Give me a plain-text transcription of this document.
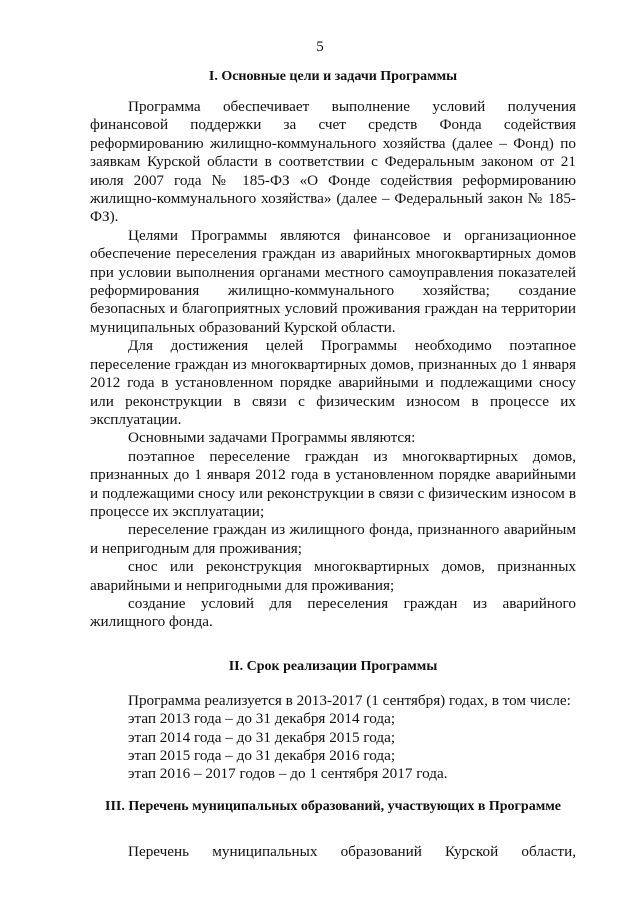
5
I. Основные цели и задачи Программы

Программа обеспечивает выполнение условий получения финансовой поддержки за счет средств Фонда содействия реформированию жилищно-коммунального хозяйства (далее – Фонд) по заявкам Курской области в соответствии с Федеральным законом от 21 июля 2007 года № 185-ФЗ «О Фонде содействия реформированию жилищно-коммунального хозяйства» (далее – Федеральный закон № 185-ФЗ).

Целями Программы являются финансовое и организационное обеспечение переселения граждан из аварийных многоквартирных домов при условии выполнения органами местного самоуправления показателей реформирования жилищно-коммунального хозяйства; создание безопасных и благоприятных условий проживания граждан на территории муниципальных образований Курской области.

Для достижения целей Программы необходимо поэтапное переселение граждан из многоквартирных домов, признанных до 1 января 2012 года в установленном порядке аварийными и подлежащими сносу или реконструкции в связи с физическим износом в процессе их эксплуатации.

Основными задачами Программы являются:

поэтапное переселение граждан из многоквартирных домов, признанных до 1 января 2012 года в установленном порядке аварийными и подлежащими сносу или реконструкции в связи с физическим износом в процессе их эксплуатации;

переселение граждан из жилищного фонда, признанного аварийным и непригодным для проживания;

снос или реконструкция многоквартирных домов, признанных аварийными и непригодными для проживания;

создание условий для переселения граждан из аварийного жилищного фонда.

II. Срок реализации Программы
Программа реализуется в 2013-2017 (1 сентября) годах, в том числе:
этап 2013 года – до 31 декабря 2014 года;
этап 2014 года – до 31 декабря 2015 года;
этап 2015 года – до 31 декабря 2016 года;
этап 2016 – 2017 годов – до 1 сентября 2017 года.
III. Перечень муниципальных образований, участвующих в Программе

Перечень муниципальных образований Курской области,
